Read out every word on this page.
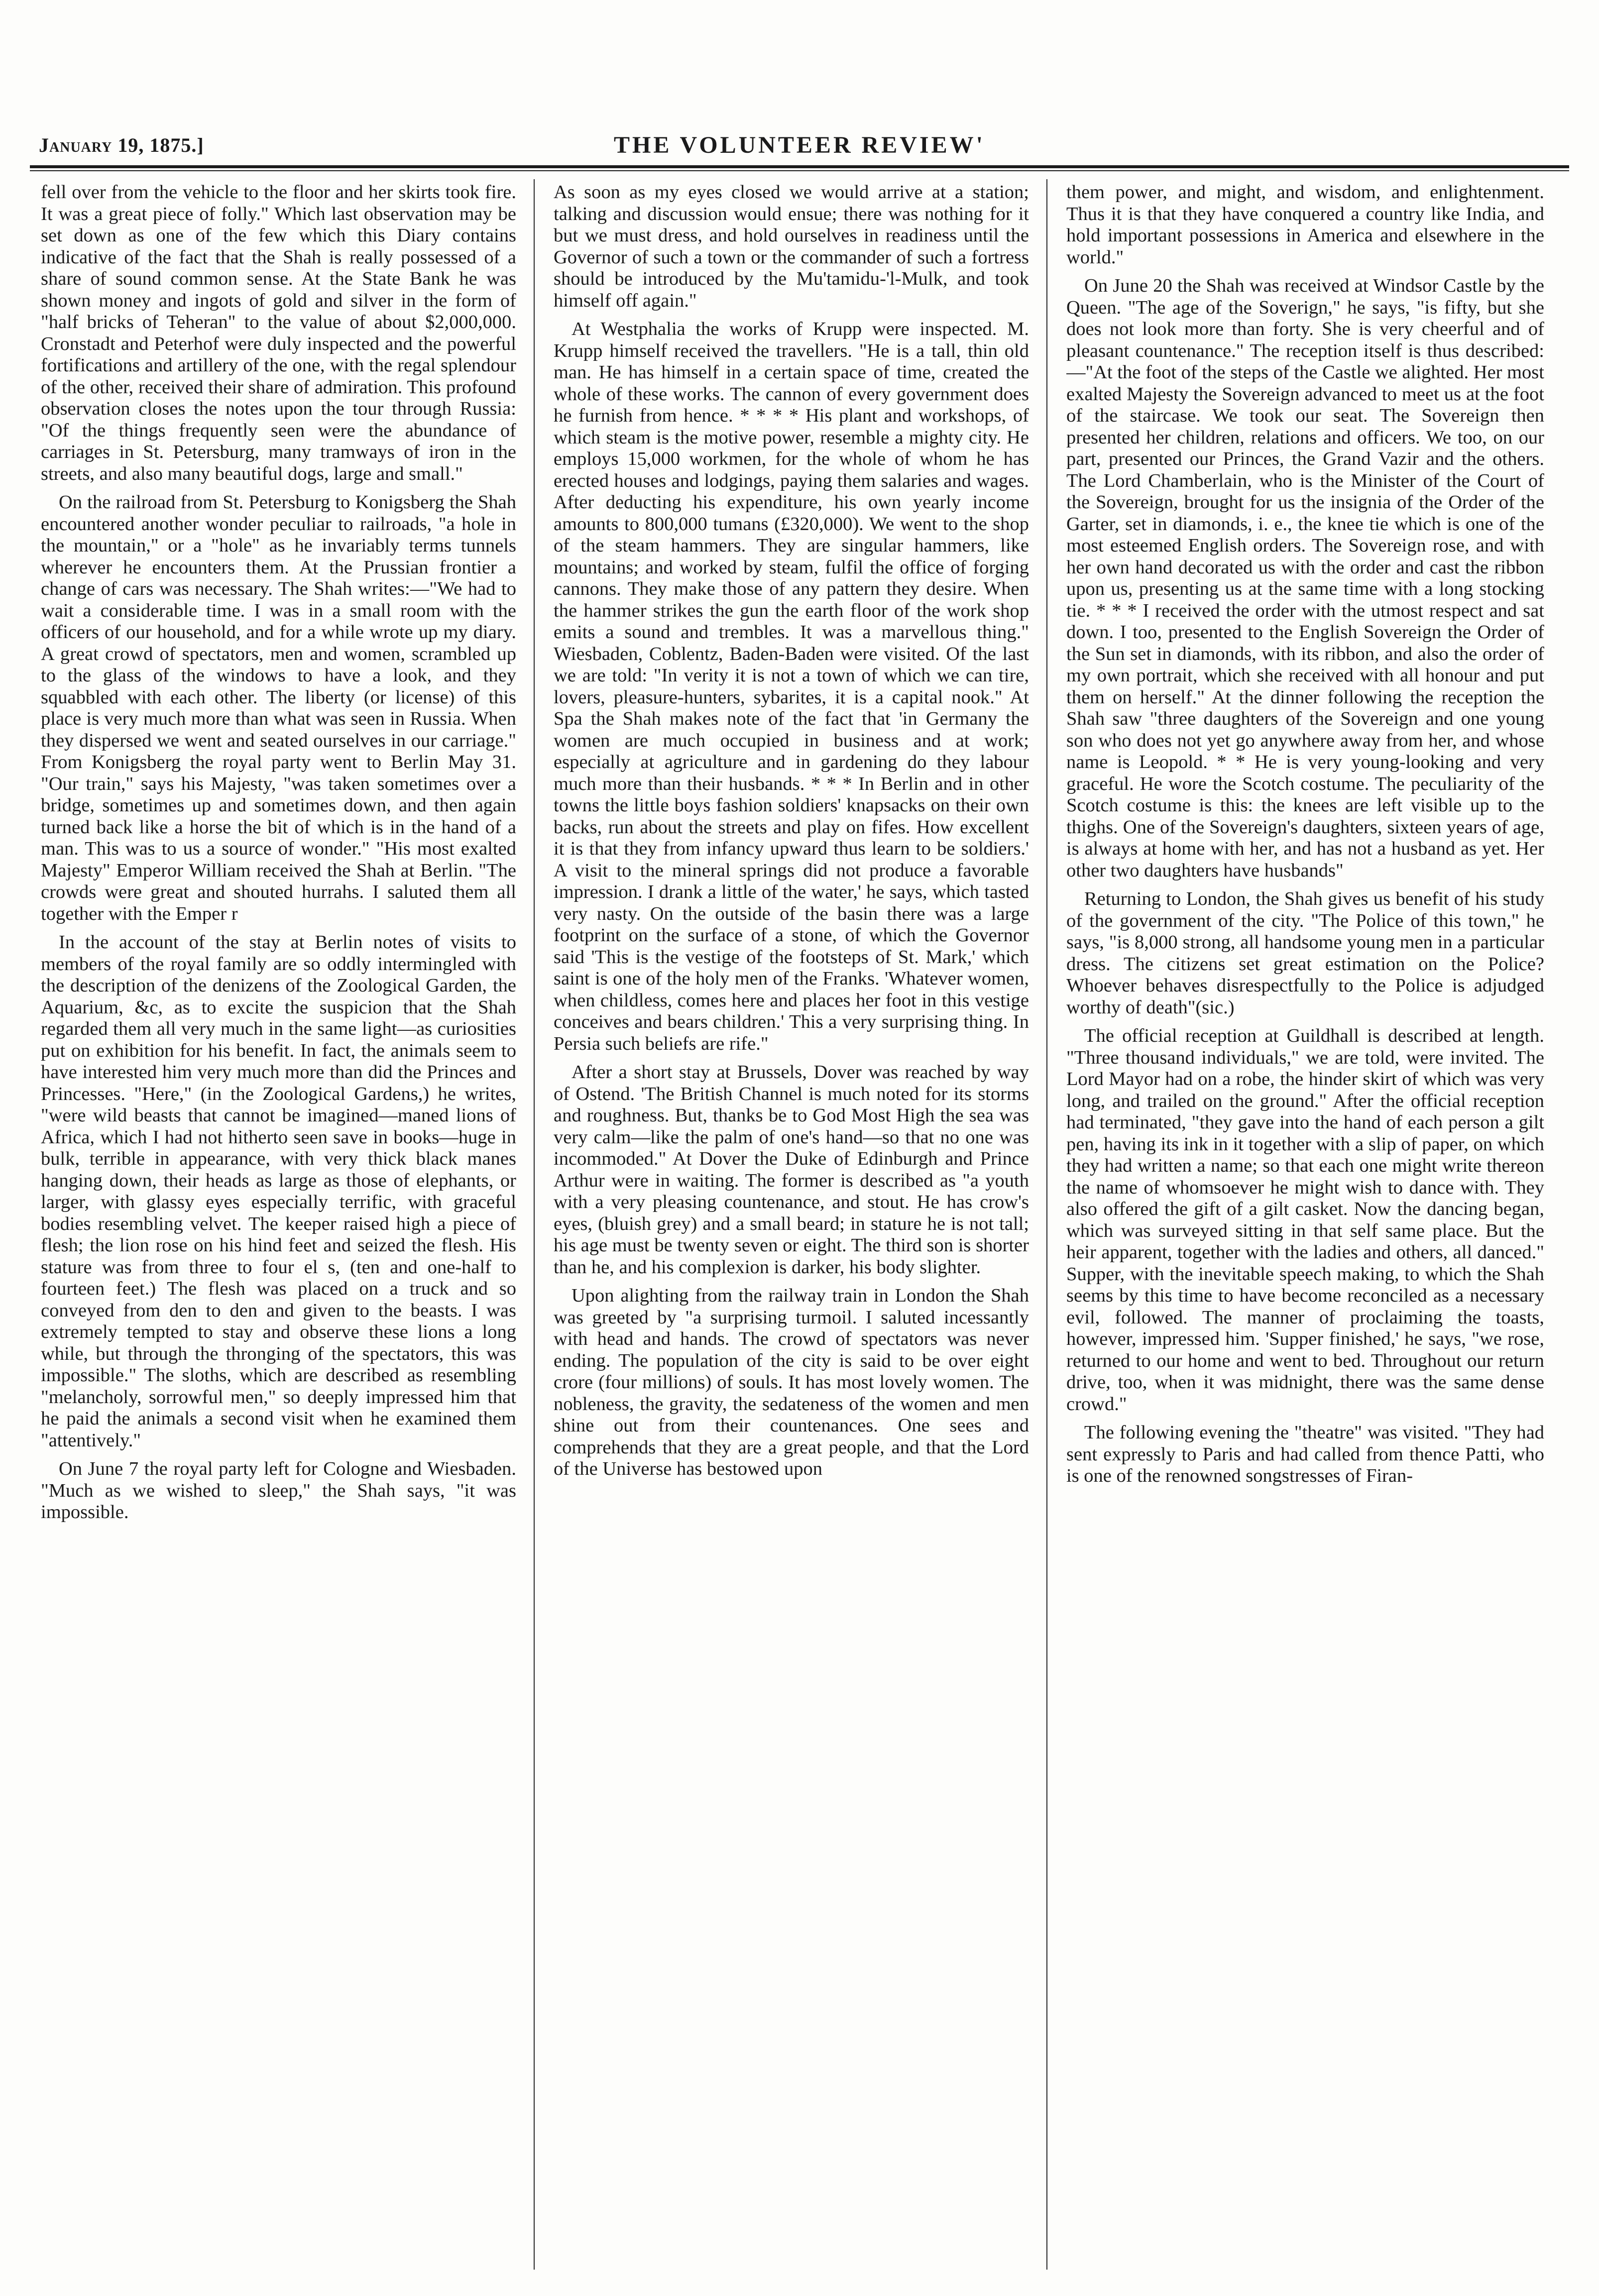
January 19, 1875.]	THE VOLUNTEER REVIEW'

fell over from the vehicle to the floor and her skirts took fire. It was a great piece of folly." Which last observation may be set down as one of the few which this Diary contains indicative of the fact that the Shah is really possessed of a share of sound common sense. At the State Bank he was shown money and ingots of gold and silver in the form of "half bricks of Teheran" to the value of about $2,000,000. Cronstadt and Peterhof were duly inspected and the powerful fortifications and artillery of the one, with the regal splendour of the other, received their share of admiration. This profound observation closes the notes upon the tour through Russia: "Of the things frequently seen were the abundance of carriages in St. Petersburg, many tramways of iron in the streets, and also many beautiful dogs, large and small."

On the railroad from St. Petersburg to Konigsberg the Shah encountered another wonder peculiar to railroads, "a hole in the mountain," or a "hole" as he invariably terms tunnels wherever he encounters them. At the Prussian frontier a change of cars was necessary. The Shah writes:—"We had to wait a considerable time. I was in a small room with the officers of our household, and for a while wrote up my diary. A great crowd of spectators, men and women, scrambled up to the glass of the windows to have a look, and they squabbled with each other. The liberty (or license) of this place is very much more than what was seen in Russia. When they dispersed we went and seated ourselves in our carriage." From Konigsberg the royal party went to Berlin May 31. "Our train," says his Majesty, "was taken sometimes over a bridge, sometimes up and sometimes down, and then again turned back like a horse the bit of which is in the hand of a man. This was to us a source of wonder." "His most exalted Majesty" Emperor William received the Shah at Berlin. "The crowds were great and shouted hurrahs. I saluted them all together with the Emper r

In the account of the stay at Berlin notes of visits to members of the royal family are so oddly intermingled with the description of the denizens of the Zoological Garden, the Aquarium, &c, as to excite the suspicion that the Shah regarded them all very much in the same light—as curiosities put on exhibition for his benefit. In fact, the animals seem to have interested him very much more than did the Princes and Princesses. "Here," (in the Zoological Gardens,) he writes, "were wild beasts that cannot be imagined—maned lions of Africa, which I had not hitherto seen save in books—huge in bulk, terrible in appearance, with very thick black manes hanging down, their heads as large as those of elephants, or larger, with glassy eyes especially terrific, with graceful bodies resembling velvet. The keeper raised high a piece of flesh; the lion rose on his hind feet and seized the flesh. His stature was from three to four el s, (ten and one-half to fourteen feet.) The flesh was placed on a truck and so conveyed from den to den and given to the beasts. I was extremely tempted to stay and observe these lions a long while, but through the thronging of the spectators, this was impossible." The sloths, which are described as resembling "melancholy, sorrowful men," so deeply impressed him that he paid the animals a second visit when he examined them "attentively."

On June 7 the royal party left for Cologne and Wiesbaden. "Much as we wished to sleep," the Shah says, "it was impossible.

As soon as my eyes closed we would arrive at a station; talking and discussion would ensue; there was nothing for it but we must dress, and hold ourselves in readiness until the Governor of such a town or the commander of such a fortress should be introduced by the Mu'tamidu-'l-Mulk, and took himself off again."

At Westphalia the works of Krupp were inspected. M. Krupp himself received the travellers. "He is a tall, thin old man. He has himself in a certain space of time, created the whole of these works. The cannon of every government does he furnish from hence. * * * * His plant and workshops, of which steam is the motive power, resemble a mighty city. He employs 15,000 workmen, for the whole of whom he has erected houses and lodgings, paying them salaries and wages. After deducting his expenditure, his own yearly income amounts to 800,000 tumans (£320,000). We went to the shop of the steam hammers. They are singular hammers, like mountains; and worked by steam, fulfil the office of forging cannons. They make those of any pattern they desire. When the hammer strikes the gun the earth floor of the work shop emits a sound and trembles. It was a marvellous thing." Wiesbaden, Coblentz, Baden-Baden were visited. Of the last we are told: "In verity it is not a town of which we can tire, lovers, pleasure-hunters, sybarites, it is a capital nook." At Spa the Shah makes note of the fact that 'in Germany the women are much occupied in business and at work; especially at agriculture and in gardening do they labour much more than their husbands. * * * In Berlin and in other towns the little boys fashion soldiers' knapsacks on their own backs, run about the streets and play on fifes. How excellent it is that they from infancy upward thus learn to be soldiers.' A visit to the mineral springs did not produce a favorable impression. I drank a little of the water,' he says, which tasted very nasty. On the outside of the basin there was a large footprint on the surface of a stone, of which the Governor said 'This is the vestige of the footsteps of St. Mark,' which saint is one of the holy men of the Franks. 'Whatever women, when childless, comes here and places her foot in this vestige conceives and bears children.' This a very surprising thing. In Persia such beliefs are rife."

After a short stay at Brussels, Dover was reached by way of Ostend. 'The British Channel is much noted for its storms and roughness. But, thanks be to God Most High the sea was very calm—like the palm of one's hand—so that no one was incommoded." At Dover the Duke of Edinburgh and Prince Arthur were in waiting. The former is described as "a youth with a very pleasing countenance, and stout. He has crow's eyes, (bluish grey) and a small beard; in stature he is not tall; his age must be twenty seven or eight. The third son is shorter than he, and his complexion is darker, his body slighter.

Upon alighting from the railway train in London the Shah was greeted by "a surprising turmoil. I saluted incessantly with head and hands. The crowd of spectators was never ending. The population of the city is said to be over eight crore (four millions) of souls. It has most lovely women. The nobleness, the gravity, the sedateness of the women and men shine out from their countenances. One sees and comprehends that they are a great people, and that the Lord of the Universe has bestowed upon

them power, and might, and wisdom, and enlightenment. Thus it is that they have conquered a country like India, and hold important possessions in America and elsewhere in the world."

On June 20 the Shah was received at Windsor Castle by the Queen. "The age of the Soverign," he says, "is fifty, but she does not look more than forty. She is very cheerful and of pleasant countenance." The reception itself is thus described:—"At the foot of the steps of the Castle we alighted. Her most exalted Majesty the Sovereign advanced to meet us at the foot of the staircase. We took our seat. The Sovereign then presented her children, relations and officers. We too, on our part, presented our Princes, the Grand Vazir and the others. The Lord Chamberlain, who is the Minister of the Court of the Sovereign, brought for us the insignia of the Order of the Garter, set in diamonds, i. e., the knee tie which is one of the most esteemed English orders. The Sovereign rose, and with her own hand decorated us with the order and cast the ribbon upon us, presenting us at the same time with a long stocking tie. * * * I received the order with the utmost respect and sat down. I too, presented to the English Sovereign the Order of the Sun set in diamonds, with its ribbon, and also the order of my own portrait, which she received with all honour and put them on herself." At the dinner following the reception the Shah saw "three daughters of the Sovereign and one young son who does not yet go anywhere away from her, and whose name is Leopold. * * He is very young-looking and very graceful. He wore the Scotch costume. The peculiarity of the Scotch costume is this: the knees are left visible up to the thighs. One of the Sovereign's daughters, sixteen years of age, is always at home with her, and has not a husband as yet. Her other two daughters have husbands"

Returning to London, the Shah gives us benefit of his study of the government of the city. "The Police of this town," he says, "is 8,000 strong, all handsome young men in a particular dress. The citizens set great estimation on the Police? Whoever behaves disrespectfully to the Police is adjudged worthy of death"(sic.)

The official reception at Guildhall is described at length. "Three thousand individuals," we are told, were invited. The Lord Mayor had on a robe, the hinder skirt of which was very long, and trailed on the ground." After the official reception had terminated, "they gave into the hand of each person a gilt pen, having its ink in it together with a slip of paper, on which they had written a name; so that each one might write thereon the name of whomsoever he might wish to dance with. They also offered the gift of a gilt casket. Now the dancing began, which was surveyed sitting in that self same place. But the heir apparent, together with the ladies and others, all danced." Supper, with the inevitable speech making, to which the Shah seems by this time to have become reconciled as a necessary evil, followed. The manner of proclaiming the toasts, however, impressed him. 'Supper finished,' he says, "we rose, returned to our home and went to bed. Throughout our return drive, too, when it was midnight, there was the same dense crowd."

The following evening the "theatre" was visited. "They had sent expressly to Paris and had called from thence Patti, who is one of the renowned songstresses of Firan-
